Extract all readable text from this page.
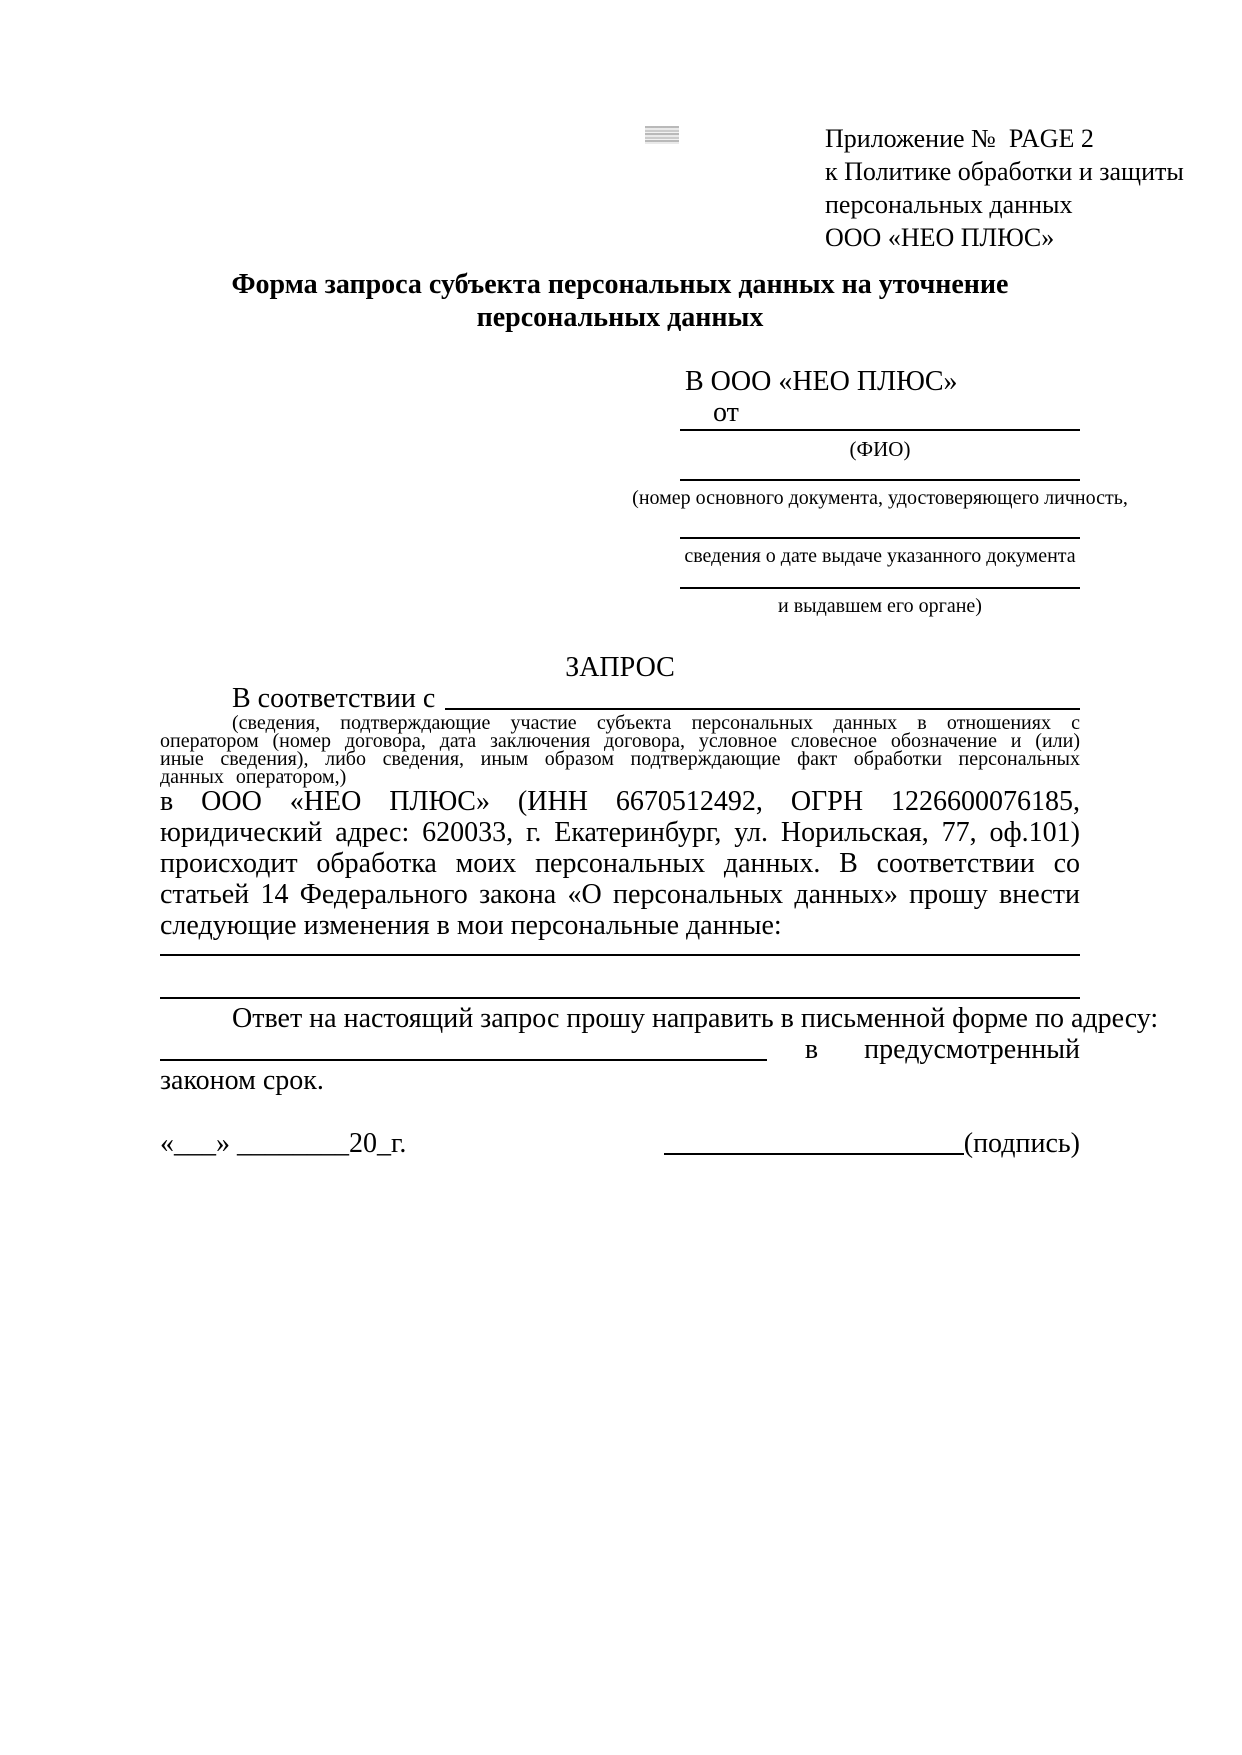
Приложение №  PAGE 2
к Политике обработки и защиты
персональных данных
ООО «НЕО ПЛЮС»
Форма запроса субъекта персональных данных на уточнение персональных данных
В ООО «НЕО ПЛЮС»
от
(ФИО)
(номер основного документа, удостоверяющего личность,
сведения о дате выдаче указанного документа
и выдавшем его органе)
ЗАПРОС
В соответствии с

(сведения, подтверждающие участие субъекта персональных данных в отношениях с оператором (номер договора, дата заключения договора, условное словесное обозначение и (или) иные сведения), либо сведения, иным образом подтверждающие факт обработки персональных данных оператором,)

в ООО «НЕО ПЛЮС» (ИНН 6670512492, ОГРН 1226600076185, юридический адрес: 620033, г. Екатеринбург, ул. Норильская, 77, оф.101) происходит обработка моих персональных данных. В соответствии со статьей 14 Федерального закона «О персональных данных» прошу внести следующие изменения в мои персональные данные:

Ответ на настоящий запрос прошу направить в письменной форме по адресу:
в предусмотренный
законом срок.
«___» ________20_г.	(подпись)
